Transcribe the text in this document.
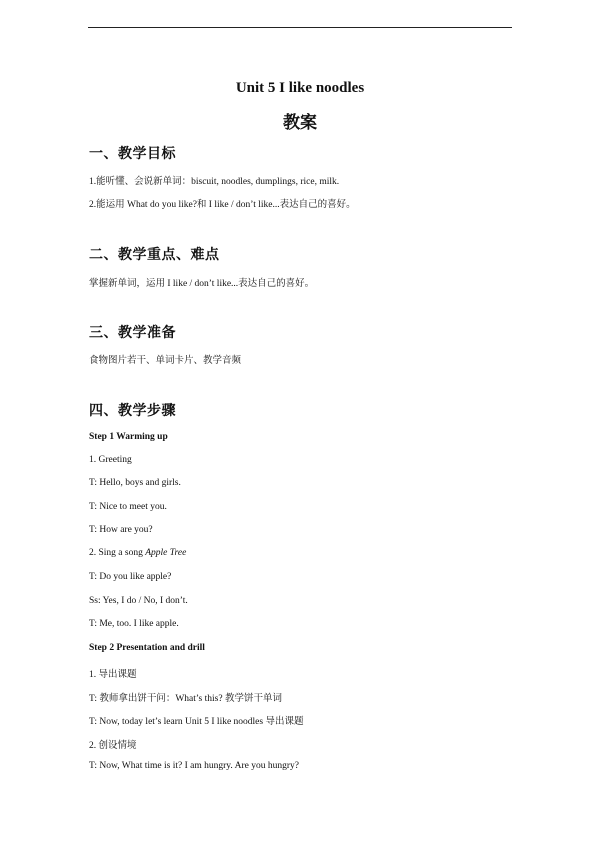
Unit 5 I like noodles
教案
一、教学目标
1.能听懂、会说新单词：biscuit, noodles, dumplings, rice, milk.
2.能运用 What do you like?和 I like / don’t like...表达自己的喜好。
二、教学重点、难点
掌握新单词，运用 I like / don’t like...表达自己的喜好。
三、教学准备
食物图片若干、单词卡片、教学音频
四、教学步骤
Step 1 Warming up
1. Greeting
T: Hello, boys and girls.
T: Nice to meet you.
T: How are you?
2. Sing a song Apple Tree
T: Do you like apple?
Ss: Yes, I do / No, I don’t.
T: Me, too. I like apple.
Step 2 Presentation and drill
1. 导出课题
T: 教师拿出饼干问：What’s this? 教学饼干单词
T: Now, today let’s learn Unit 5 I like noodles 导出课题
2. 创设情境
T: Now, What time is it? I am hungry. Are you hungry?
